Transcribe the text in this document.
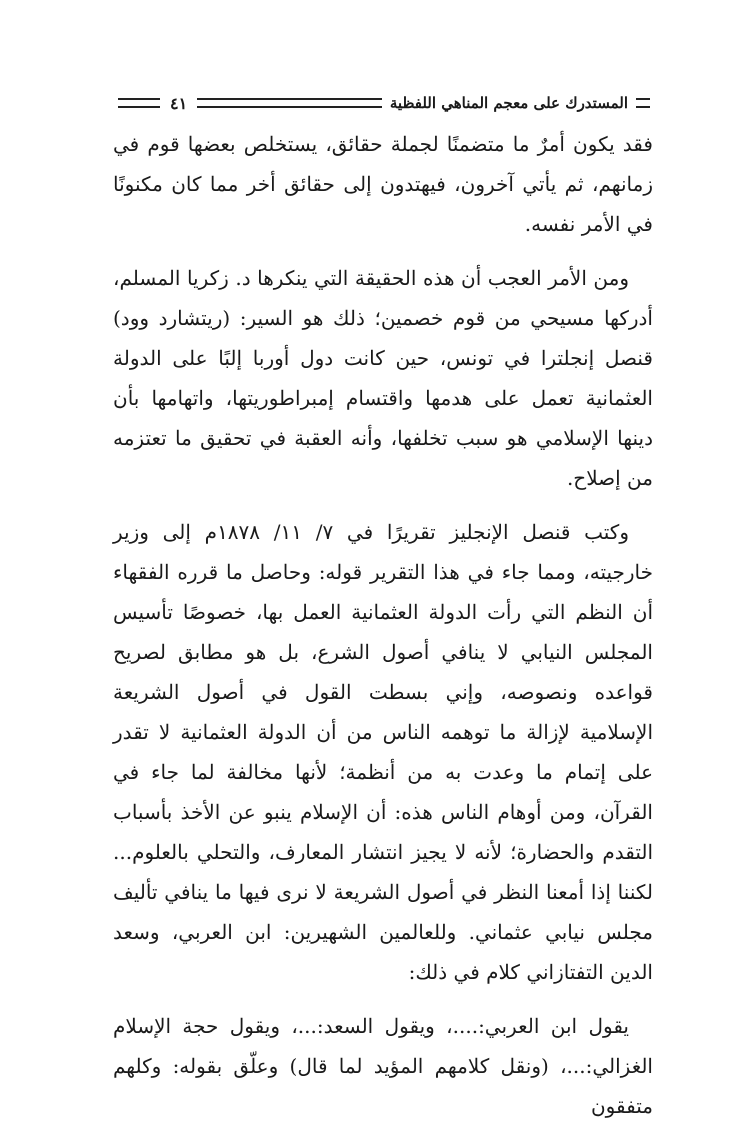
المستدرك على معجم المناهي اللفظية
٤١

فقد يكون أمرٌ ما متضمنًا لجملة حقائق، يستخلص بعضها قوم في زمانهم، ثم يأتي آخرون، فيهتدون إلى حقائق أخر مما كان مكنونًا في الأمر نفسه.

ومن الأمر العجب أن هذه الحقيقة التي ينكرها د. زكريا المسلم، أدركها مسيحي من قوم خصمين؛ ذلك هو السير: (ريتشارد وود) قنصل إنجلترا في تونس، حين كانت دول أوربا إلبًا على الدولة العثمانية تعمل على هدمها واقتسام إمبراطوريتها، واتهامها بأن دينها الإسلامي هو سبب تخلفها، وأنه العقبة في تحقيق ما تعتزمه من إصلاح.

وكتب قنصل الإنجليز تقريرًا في ٧/ ١١/ ١٨٧٨م إلى وزير خارجيته، ومما جاء في هذا التقرير قوله: وحاصل ما قرره الفقهاء أن النظم التي رأت الدولة العثمانية العمل بها، خصوصًا تأسيس المجلس النيابي لا ينافي أصول الشرع، بل هو مطابق لصريح قواعده ونصوصه، وإني بسطت القول في أصول الشريعة الإسلامية لإزالة ما توهمه الناس من أن الدولة العثمانية لا تقدر على إتمام ما وعدت به من أنظمة؛ لأنها مخالفة لما جاء في القرآن، ومن أوهام الناس هذه: أن الإسلام ينبو عن الأخذ بأسباب التقدم والحضارة؛ لأنه لا يجيز انتشار المعارف، والتحلي بالعلوم... لكننا إذا أمعنا النظر في أصول الشريعة لا نرى فيها ما ينافي تأليف مجلس نيابي عثماني. وللعالمين الشهيرين: ابن العربي، وسعد الدين التفتازاني كلام في ذلك:

يقول ابن العربي:....، ويقول السعد:...، ويقول حجة الإسلام الغزالي:...، (ونقل كلامهم المؤيد لما قال) وعلّق بقوله: وكلهم متفقون
